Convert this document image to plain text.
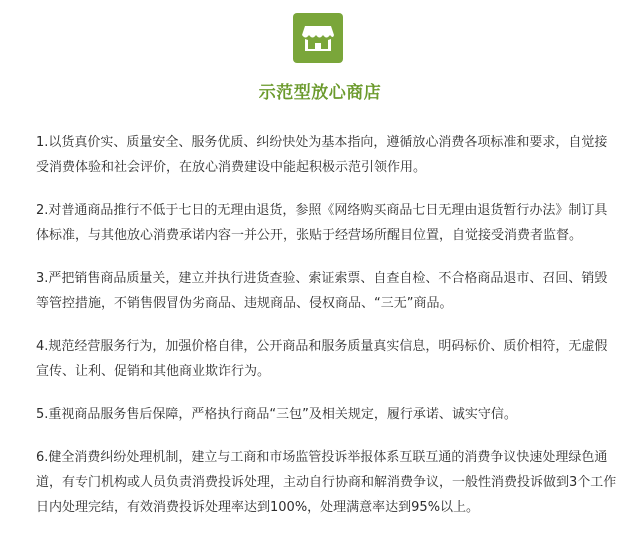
示范型放心商店

1.以货真价实、质量安全、服务优质、纠纷快处为基本指向，遵循放心消费各项标准和要求，自觉接受消费体验和社会评价，在放心消费建设中能起积极示范引领作用。

2.对普通商品推行不低于七日的无理由退货，参照《网络购买商品七日无理由退货暂行办法》制订具体标准，与其他放心消费承诺内容一并公开，张贴于经营场所醒目位置，自觉接受消费者监督。

3.严把销售商品质量关，建立并执行进货查验、索证索票、自查自检、不合格商品退市、召回、销毁等管控措施，不销售假冒伪劣商品、违规商品、侵权商品、“三无”商品。

4.规范经营服务行为，加强价格自律，公开商品和服务质量真实信息，明码标价、质价相符，无虚假宣传、让利、促销和其他商业欺诈行为。

5.重视商品服务售后保障，严格执行商品“三包”及相关规定，履行承诺、诚实守信。

6.健全消费纠纷处理机制，建立与工商和市场监管投诉举报体系互联互通的消费争议快速处理绿色通道，有专门机构或人员负责消费投诉处理，主动自行协商和解消费争议，一般性消费投诉做到3个工作日内处理完结，有效消费投诉处理率达到100%，处理满意率达到95%以上。
